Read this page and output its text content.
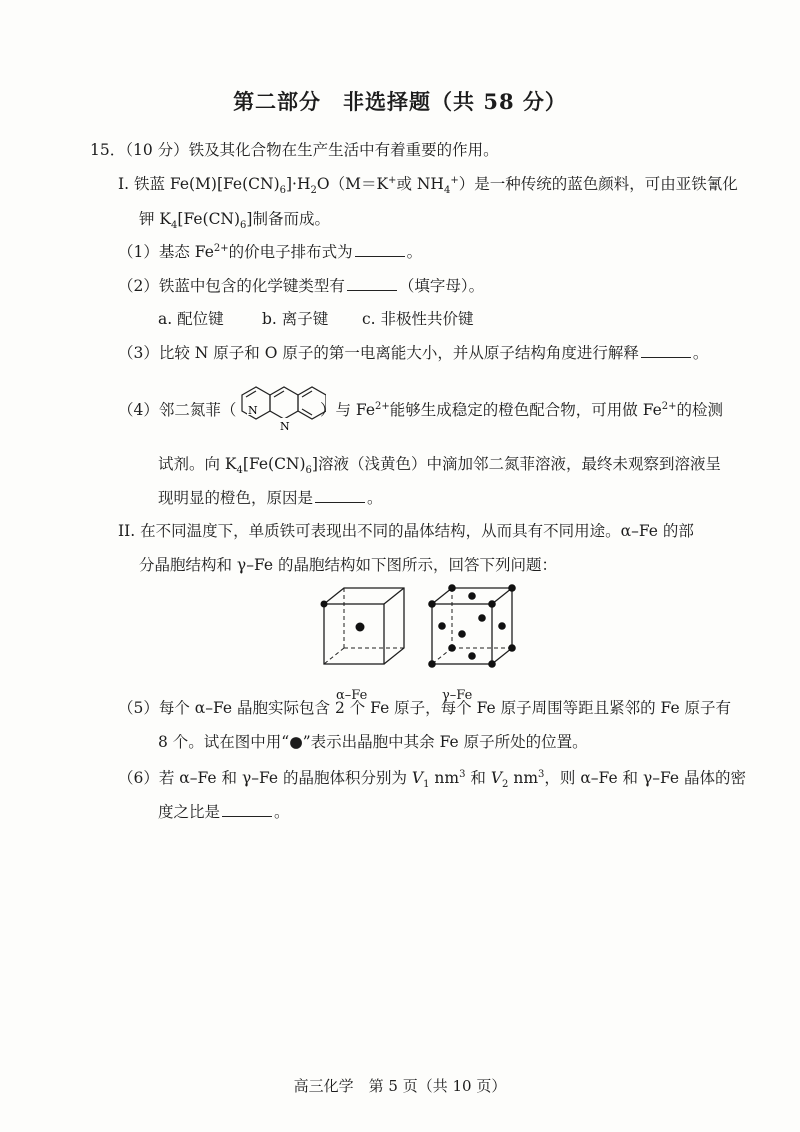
第二部分　非选择题（共 58 分）
15．（10 分）铁及其化合物在生产生活中有着重要的作用。
I. 铁蓝 $Fe(M)[Fe(CN)_6]\cdot H_2O(M=K^+$或 $NH_4^+$）是一种传统的蓝色颜料，可由亚铁氰化
钾 $K_4[Fe(CN)_6]$制备而成。
（1）基态 $Fe^{2+}$的价电子排布式为	。
（2）铁蓝中包含的化学键类型有	（填字母）。
a. 配位键 b. 离子键 c. 非极性共价键
（3）比较 N 原子和 O 原子的第一电离能大小，并从原子结构角度进行解释	。
（4）邻二氮菲（ N
N
）与 $Fe^{2+}$能够生成稳定的橙色配合物，可用做 $Fe^{2+}$的检测
试剂。向 $K_4[Fe(CN)_6]$溶液（浅黄色）中滴加邻二氮菲溶液，最终未观察到溶液呈
现明显的橙色，原因是	。
II. 在不同温度下，单质铁可表现出不同的晶体结构，从而具有不同用途。α–Fe 的部
分晶胞结构和 γ–Fe 的晶胞结构如下图所示，回答下列问题：
α–Fe	γ–Fe
（5）每个 α–Fe 晶胞实际包含 2 个 Fe 原子，每个 Fe 原子周围等距且紧邻的 Fe 原子有
8 个。试在图中用“●”表示出晶胞中其余 Fe 原子所处的位置。
（6）若 α–Fe 和 γ–Fe 的晶胞体积分别为 $V_1$ $nm^3$ 和 $V_2$ $nm^3$，则 α–Fe 和 γ–Fe 晶体的密
度之比是	。
高三化学　第 5 页（共 10 页）
